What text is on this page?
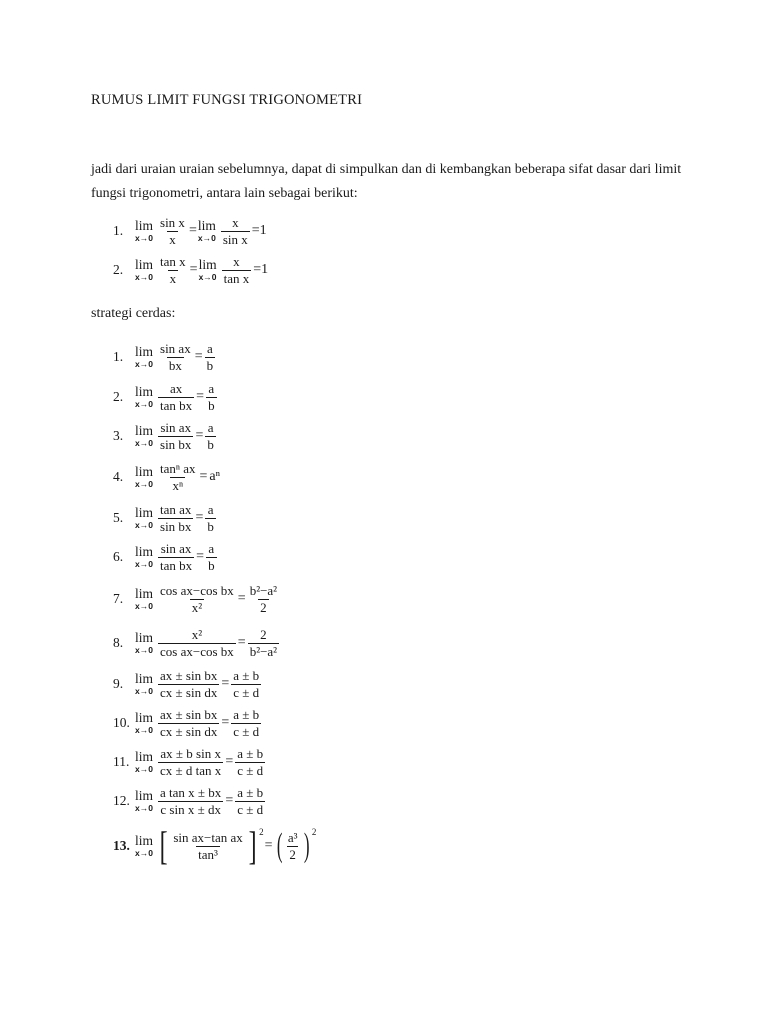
RUMUS LIMIT FUNGSI TRIGONOMETRI
jadi dari uraian uraian sebelumnya, dapat di simpulkan dan di kembangkan beberapa sifat dasar dari limit fungsi trigonometri, antara lain sebagai berikut:
1. lim
$x\to 0 \frac{\text{sin x}}{x} = \lim$
$x\to 0 \frac{x}{\text{sin x}} =1$
2. lim
$x\to 0 \frac{\text{tan x}}{x} = \lim$
$x\to 0 \frac{x}{\text{tan x}} =1$
strategi cerdas:
1. lim
$x\to 0 \frac{\text{sin ax}}{bx} = \frac{a}{b}$
2. lim
$x\to 0 \frac{ax}{\text{tan bx}} = \frac{a}{b}$
3. lim
$x\to 0 \frac{\text{sin ax}}{\text{sin bx}} = \frac{a}{b}$
4. lim
$x\to 0 \frac{\text{tanⁿ ax}}{\text{xⁿ}} = a^n$
5. lim
$x\to 0 \frac{\text{tan ax}}{\text{sin bx}} = \frac{a}{b}$
6. lim
$x\to 0 \frac{\text{sin ax}}{\text{tan bx}} = \frac{a}{b}$
7. lim
$x\to 0 \frac{\text{cos ax−cos bx}}{\text{x²}} = \frac{\text{b²−a²}}{2}$
8. lim
$x\to 0 \frac{\text{x²}}{\text{cos ax−cos bx}} = \frac{2}{\text{b²−a²}}$
9. lim
$x\to 0 \frac{\text{ax ± sin bx}}{\text{cx ± sin dx}} = \frac{a \pm b}{c \pm d}$
10. lim
$x\to 0 \frac{\text{ax ± sin bx}}{\text{cx ± sin dx}} = \frac{a \pm b}{c \pm d}$
11. lim
$x\to 0 \frac{\text{ax ± b sin x}}{\text{cx ± d tan x}} = \frac{a \pm b}{c \pm d}$
12. lim
$x\to 0 \frac{\text{a tan x ± bx}}{\text{c sin x ± dx}} = \frac{a \pm b}{c \pm d}$
13. lim
x→0 [ $\frac{\text{sin ax−tan ax}}{\text{tan³}}$ ] 2
= ( $\frac{\text{a³}}{2}$ ) 2
